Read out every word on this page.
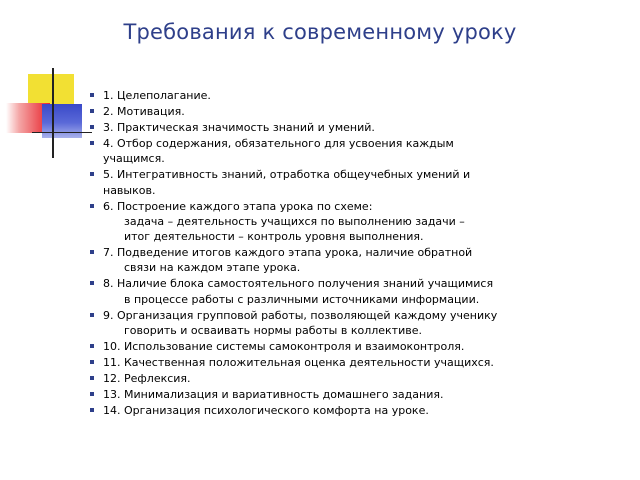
Требования к современному уроку
1. Целеполагание.
2. Мотивация.
3. Практическая значимость знаний и умений.
4. Отбор содержания, обязательного для усвоения каждым
учащимся.
5. Интегративность знаний, отработка общеучебных умений и
навыков.
6. Построение каждого этапа урока по схеме:
задача – деятельность учащихся по выполнению задачи –
итог деятельности – контроль уровня выполнения.
7. Подведение итогов каждого этапа урока, наличие обратной
связи на каждом этапе урока.
8. Наличие блока самостоятельного получения знаний учащимися
в процессе работы с различными источниками информации.
9. Организация групповой работы, позволяющей каждому ученику
говорить и осваивать нормы работы в коллективе.
10. Использование системы самоконтроля и взаимоконтроля.
11. Качественная положительная оценка деятельности учащихся.
12. Рефлексия.
13. Минимализация и вариативность домашнего задания.
14. Организация психологического комфорта на уроке.
